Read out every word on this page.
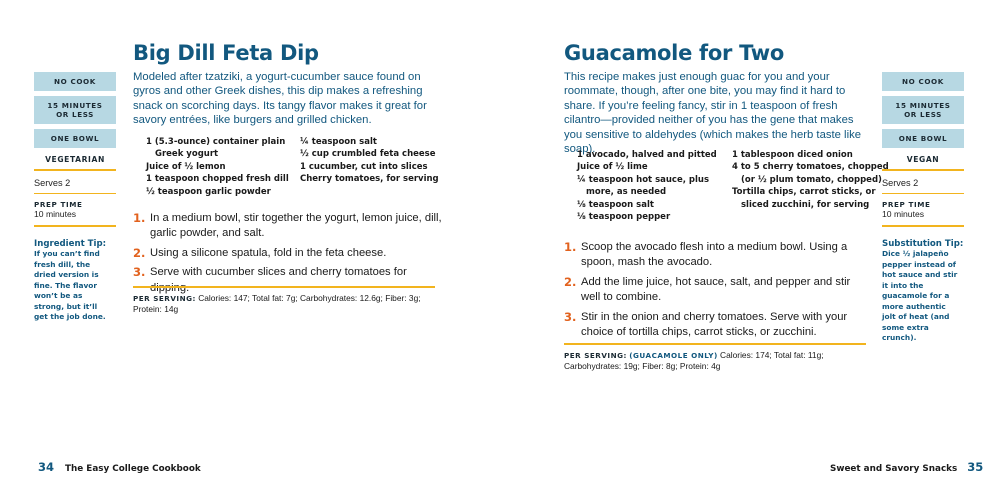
NO COOK
15 MINUTES OR LESS
ONE BOWL
VEGETARIAN
Serves 2
PREP TIME
10 minutes
Ingredient Tip:
If you can’t find fresh dill, the dried version is fine. The flavor won’t be as strong, but it’ll get the job done.
Big Dill Feta Dip

Modeled after tzatziki, a yogurt-cucumber sauce found on gyros and other Greek dishes, this dip makes a refreshing snack on scorching days. Its tangy flavor makes it great for savory entrées, like burgers and grilled chicken.

1 (5.3-ounce) container plain
Greek yogurt
Juice of ½ lemon
1 teaspoon chopped fresh dill
½ teaspoon garlic powder
¼ teaspoon salt
½ cup crumbled feta cheese
1 cucumber, cut into slices
Cherry tomatoes, for serving
1. In a medium bowl, stir together the yogurt, lemon juice, dill, garlic powder, and salt.
2. Using a silicone spatula, fold in the feta cheese.
3. Serve with cucumber slices and cherry tomatoes for dipping.
PER SERVING: Calories: 147; Total fat: 7g; Carbohydrates: 12.6g; Fiber: 3g; Protein: 14g
34 The Easy College Cookbook
Guacamole for Two

This recipe makes just enough guac for you and your roommate, though, after one bite, you may find it hard to share. If you’re feeling fancy, stir in 1 teaspoon of fresh cilantro—provided neither of you has the gene that makes you sensitive to aldehydes (which makes the herb taste like soap).

1 avocado, halved and pitted
Juice of ½ lime
¼ teaspoon hot sauce, plus
more, as needed
⅛ teaspoon salt
⅛ teaspoon pepper
1 tablespoon diced onion
4 to 5 cherry tomatoes, chopped
(or ½ plum tomato, chopped)
Tortilla chips, carrot sticks, or
sliced zucchini, for serving
1. Scoop the avocado flesh into a medium bowl. Using a spoon, mash the avocado.
2. Add the lime juice, hot sauce, salt, and pepper and stir well to combine.
3. Stir in the onion and cherry tomatoes. Serve with your choice of tortilla chips, carrot sticks, or zucchini.
PER SERVING: (GUACAMOLE ONLY) Calories: 174; Total fat: 11g; Carbohydrates: 19g; Fiber: 8g; Protein: 4g
NO COOK
15 MINUTES OR LESS
ONE BOWL
VEGAN
Serves 2
PREP TIME
10 minutes
Substitution Tip:
Dice ½ jalapeño pepper instead of hot sauce and stir it into the guacamole for a more authentic jolt of heat (and some extra crunch).
Sweet and Savory Snacks 35
